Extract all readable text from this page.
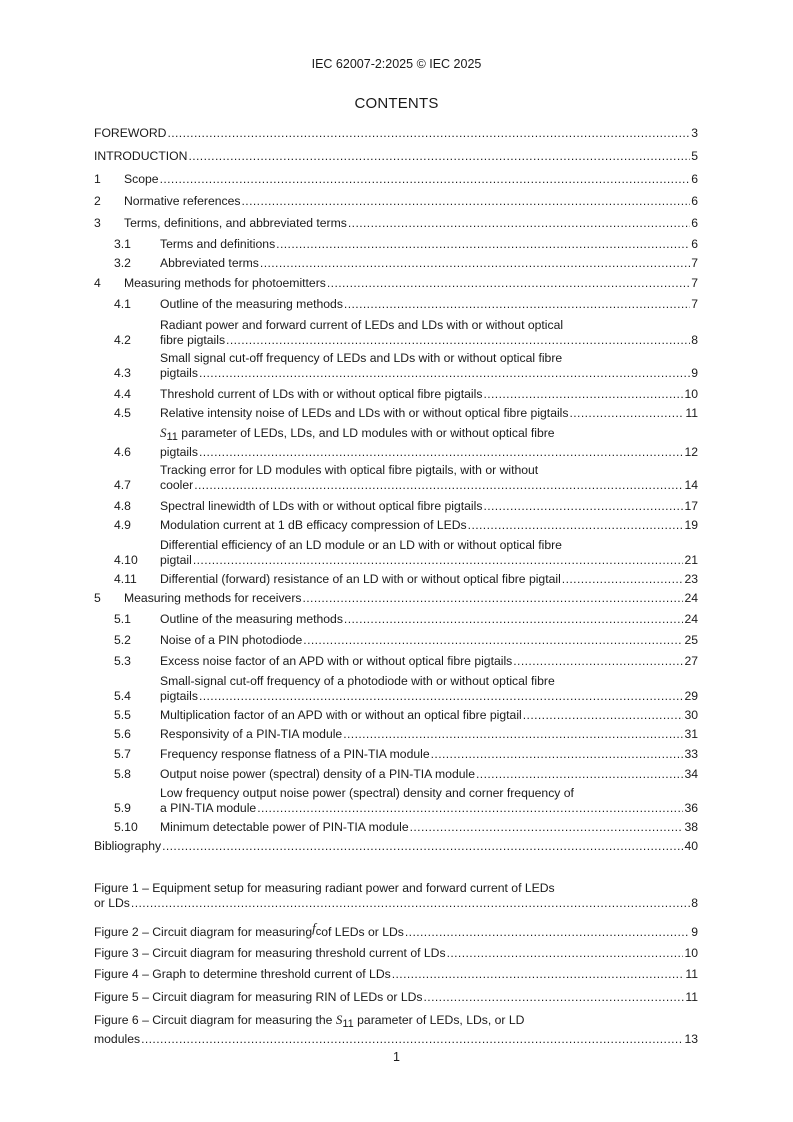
IEC 62007-2:2025 © IEC 2025
CONTENTS
FOREWORD .....	3
INTRODUCTION .....	5
1	Scope .....	6
2	Normative references .....	6
3	Terms, definitions, and abbreviated terms .....	6
3.1	Terms and definitions .....	6
3.2	Abbreviated terms .....	7
4	Measuring methods for photoemitters .....	7
4.1	Outline of the measuring methods .....	7
4.2
Radiant power and forward current of LEDs and LDs with or without optical
fibre pigtails .....	8
4.3
Small signal cut-off frequency of LEDs and LDs with or without optical fibre
pigtails .....	9
4.4	Threshold current of LDs with or without optical fibre pigtails .....	10
4.5	Relative intensity noise of LEDs and LDs with or without optical fibre pigtails .....	11
4.6
$S_{11}$ parameter of LEDs, LDs, and LD modules with or without optical fibre
pigtails .....	12
4.7
Tracking error for LD modules with optical fibre pigtails, with or without
cooler .....	14
4.8	Spectral linewidth of LDs with or without optical fibre pigtails .....	17
4.9	Modulation current at 1 dB efficacy compression of LEDs .....	19
4.10
Differential efficiency of an LD module or an LD with or without optical fibre
pigtail .....	21
4.11	Differential (forward) resistance of an LD with or without optical fibre pigtail .....	23
5	Measuring methods for receivers .....	24
5.1	Outline of the measuring methods .....	24
5.2	Noise of a PIN photodiode .....	25
5.3	Excess noise factor of an APD with or without optical fibre pigtails .....	27
5.4
Small-signal cut-off frequency of a photodiode with or without optical fibre
pigtails .....	29
5.5	Multiplication factor of an APD with or without an optical fibre pigtail .....	30
5.6	Responsivity of a PIN-TIA module .....	31
5.7	Frequency response flatness of a PIN-TIA module .....	33
5.8	Output noise power (spectral) density of a PIN-TIA module .....	34
5.9
Low frequency output noise power (spectral) density and corner frequency of
a PIN-TIA module .....	36
5.10	Minimum detectable power of PIN-TIA module .....	38
Bibliography .....	40
Figure 1 – Equipment setup for measuring radiant power and forward current of LEDs
or LDs .....	8
Figure 2 – Circuit diagram for measuring $f_c$ of LEDs or LDs .....	9
Figure 3 – Circuit diagram for measuring threshold current of LDs .....	10
Figure 4 – Graph to determine threshold current of LDs .....	11
Figure 5 – Circuit diagram for measuring RIN of LEDs or LDs .....	11
Figure 6 – Circuit diagram for measuring the $S_{11}$ parameter of LEDs, LDs, or LD
modules .....	13
1
